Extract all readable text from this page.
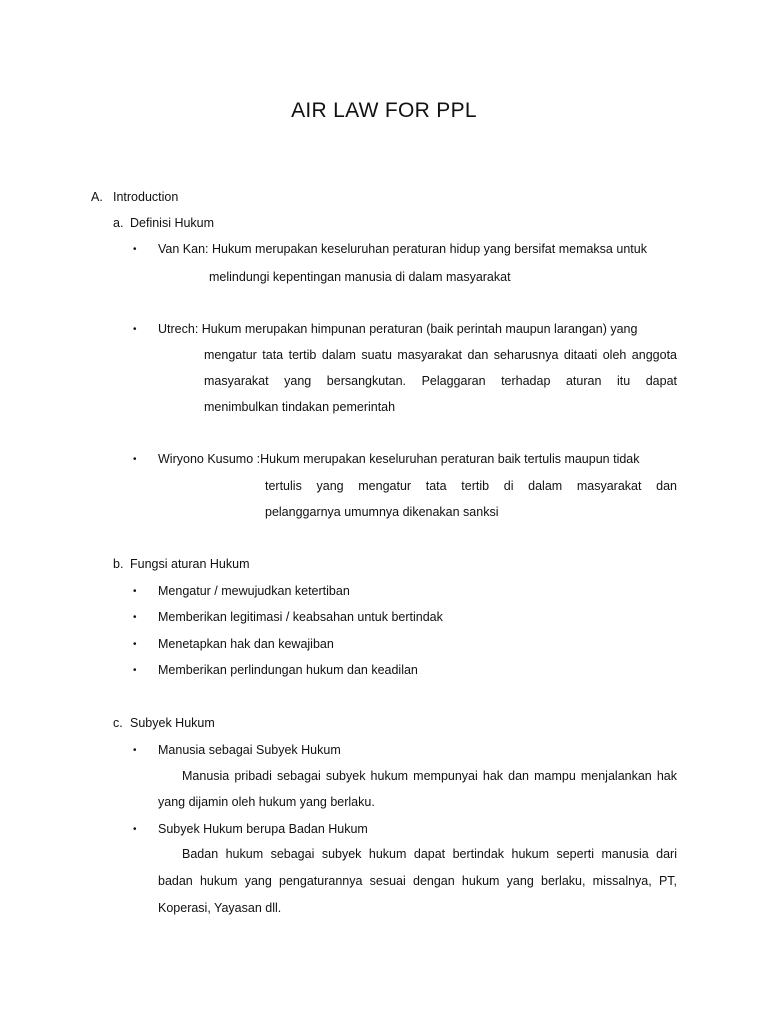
AIR LAW FOR PPL
A. Introduction
a. Definisi Hukum
• Van Kan: Hukum merupakan keseluruhan peraturan hidup yang bersifat memaksa untuk
melindungi kepentingan manusia di dalam masyarakat
• Utrech: Hukum merupakan himpunan peraturan (baik perintah maupun larangan) yang
mengatur tata tertib dalam suatu masyarakat dan seharusnya ditaati oleh anggota
masyarakat yang bersangkutan. Pelaggaran terhadap aturan itu dapat
menimbulkan tindakan pemerintah
• Wiryono Kusumo :Hukum merupakan keseluruhan peraturan baik tertulis maupun tidak
tertulis yang mengatur tata tertib di dalam masyarakat dan
pelanggarnya umumnya dikenakan sanksi
b. Fungsi aturan Hukum
• Mengatur / mewujudkan ketertiban
• Memberikan legitimasi / keabsahan untuk bertindak
• Menetapkan hak dan kewajiban
• Memberikan perlindungan hukum dan keadilan
c. Subyek Hukum
• Manusia sebagai Subyek Hukum
Manusia pribadi sebagai subyek hukum mempunyai hak dan mampu menjalankan hak
yang dijamin oleh hukum yang berlaku.
• Subyek Hukum berupa Badan Hukum
Badan hukum sebagai subyek hukum dapat bertindak hukum seperti manusia dari
badan hukum yang pengaturannya sesuai dengan hukum yang berlaku, missalnya, PT,
Koperasi, Yayasan dll.
